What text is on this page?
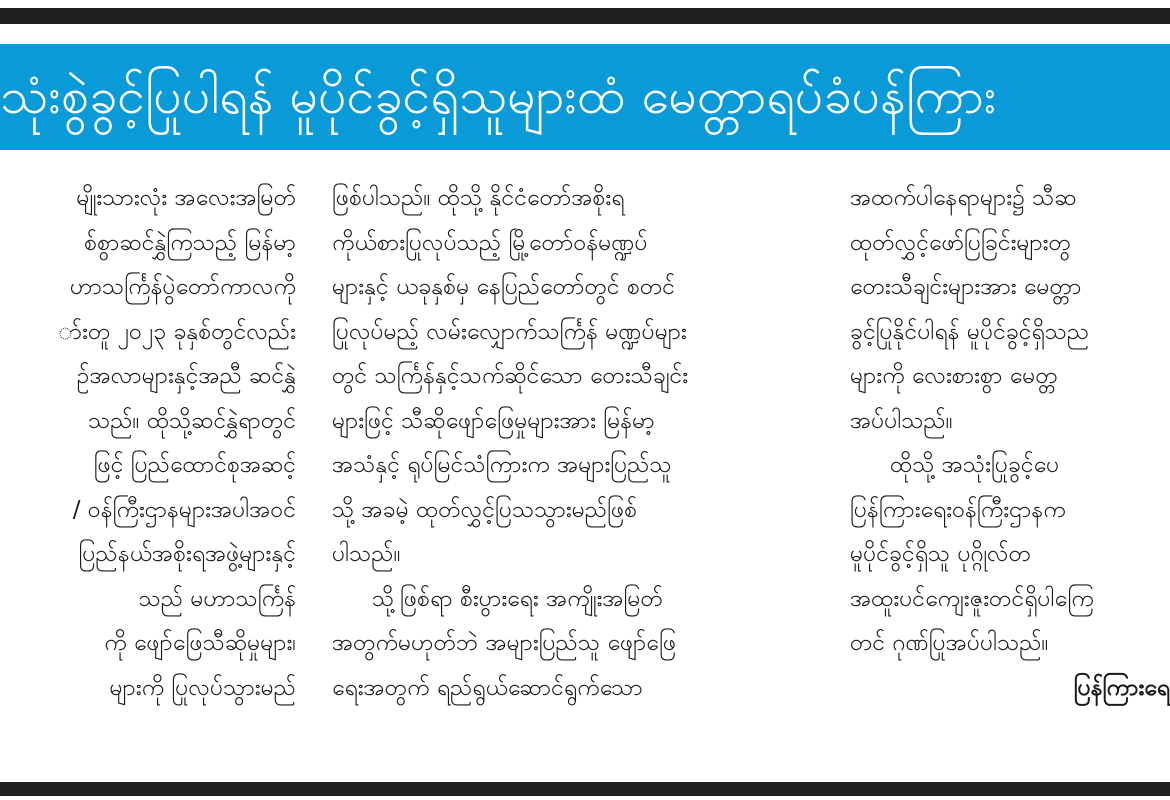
သုံးစွဲခွင့်ပြုပါရန် မူပိုင်ခွင့်ရှိသူများထံ မေတ္တာရပ်ခံပန်ကြား
မျိုးသားလုံး အလေးအမြတ်
စ်စွာဆင်နွှဲကြသည့် မြန်မာ့
ဟာသင်္ကြန်ပွဲတော်ကာလကို
ာ်းတူ ၂၀၂၃ ခုနှစ်တွင်လည်း
ဉ်အလာများနှင့်အညီ ဆင်နွှဲ
သည်။ ထိုသို့ဆင်နွှဲရာတွင်
ဖြင့် ပြည်ထောင်စုအဆင့်
/ ဝန်ကြီးဌာနများအပါအဝင်
ပြည်နယ်အစိုးရအဖွဲ့များနှင့်
သည် မဟာသင်္ကြန်
ကို ဖျော်ဖြေသီဆိုမှုများ၊
များကို ပြုလုပ်သွားမည်
ဖြစ်ပါသည်။ ထိုသို့ နိုင်ငံတော်အစိုးရ
ကိုယ်စားပြုလုပ်သည့် မြို့တော်ဝန်မဏ္ဍပ်
များနှင့် ယခုနှစ်မှ နေပြည်တော်တွင် စတင်
ပြုလုပ်မည့် လမ်းလျှောက်သင်္ကြန် မဏ္ဍပ်များ
တွင် သင်္ကြန်နှင့်သက်ဆိုင်သော တေးသီချင်း
များဖြင့် သီဆိုဖျော်ဖြေမှုများအား မြန်မာ့
အသံနှင့် ရုပ်မြင်သံကြားက အများပြည်သူ
သို့ အခမဲ့ ထုတ်လွှင့်ပြသသွားမည်ဖြစ်
ပါသည်။
သို့ဖြစ်ရာ စီးပွားရေး အကျိုးအမြတ်
အတွက်မဟုတ်ဘဲ အများပြည်သူ ဖျော်ဖြေ
ရေးအတွက် ရည်ရွယ်ဆောင်ရွက်သော
အထက်ပါနေရာများ၌ သီဆ
ထုတ်လွှင့်ဖော်ပြခြင်းများတွ
တေးသီချင်းများအား မေတ္တာ
ခွင့်ပြုနိုင်ပါရန် မူပိုင်ခွင့်ရှိသည
များကို လေးစားစွာ မေတ္တ
အပ်ပါသည်။
ထိုသို့ အသုံးပြုခွင့်ပေ
ပြန်ကြားရေးဝန်ကြီးဌာနက
မူပိုင်ခွင့်ရှိသူ ပုဂ္ဂိုလ်တ
အထူးပင်ကျေးဇူးတင်ရှိပါကြေ
တင် ဂုဏ်ပြုအပ်ပါသည်။
ပြန်ကြားရေ
